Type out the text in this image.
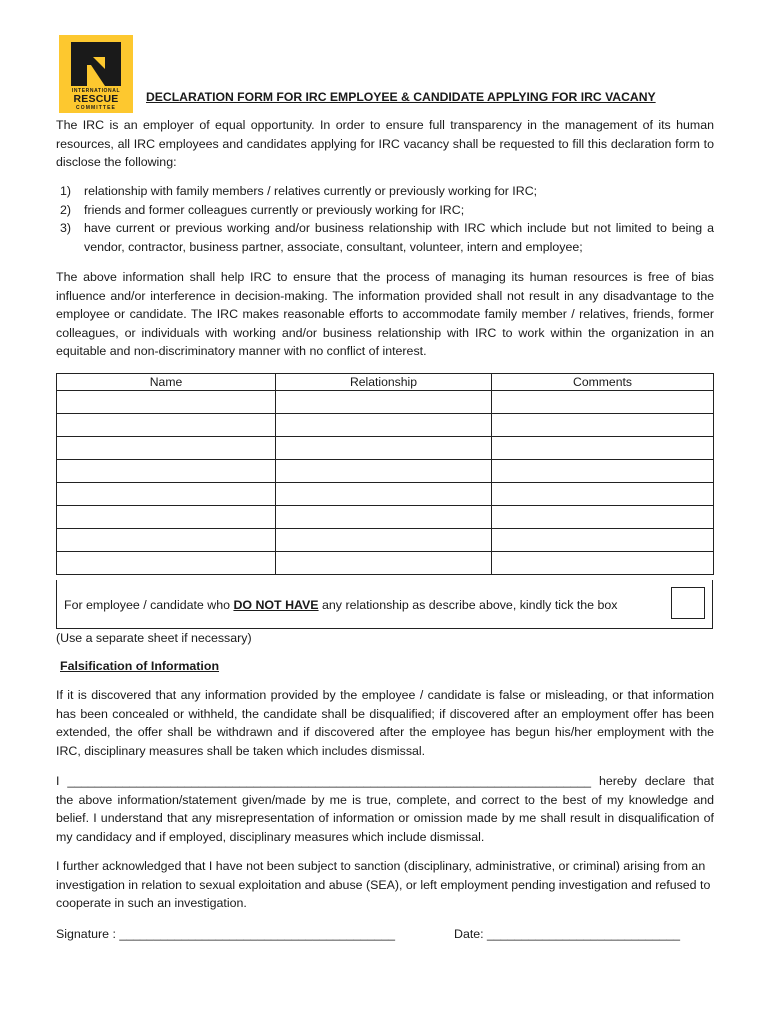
INTERNATIONAL
RESCUE
COMMITTEE
DECLARATION FORM FOR IRC EMPLOYEE & CANDIDATE APPLYING FOR IRC VACANY

The IRC is an employer of equal opportunity. In order to ensure full transparency in the management of its human resources, all IRC employees and candidates applying for IRC vacancy shall be requested to fill this declaration form to disclose the following:

1) relationship with family members / relatives currently or previously working for IRC;
2) friends and former colleagues currently or previously working for IRC;
3) have current or previous working and/or business relationship with IRC which include but not limited to being a vendor, contractor, business partner, associate, consultant, volunteer, intern and employee;

The above information shall help IRC to ensure that the process of managing its human resources is free of bias influence and/or interference in decision-making. The information provided shall not result in any disadvantage to the employee or candidate. The IRC makes reasonable efforts to accommodate family member / relatives, friends, former colleagues, or individuals with working and/or business relationship with IRC to work within the organization in an equitable and non-discriminatory manner with no conflict of interest.

Name	Relationship	Comments

For employee / candidate who DO NOT HAVE any relationship as describe above, kindly tick the box
(Use a separate sheet if necessary)
Falsification of Information

If it is discovered that any information provided by the employee / candidate is false or misleading, or that information has been concealed or withheld, the candidate shall be disqualified; if discovered after an employment offer has been extended, the offer shall be withdrawn and if discovered after the employee has begun his/her employment with the IRC, disciplinary measures shall be taken which includes dismissal.

I ____________________________________________________________________________ hereby declare that the above information/statement given/made by me is true, complete, and correct to the best of my knowledge and belief. I understand that any misrepresentation of information or omission made by me shall result in disqualification of my candidacy and if employed, disciplinary measures which include dismissal.

I further acknowledged that I have not been subject to sanction (disciplinary, administrative, or criminal) arising from an investigation in relation to sexual exploitation and abuse (SEA), or left employment pending investigation and refused to cooperate in such an investigation.

Signature : ________________________________________	Date: ____________________________
